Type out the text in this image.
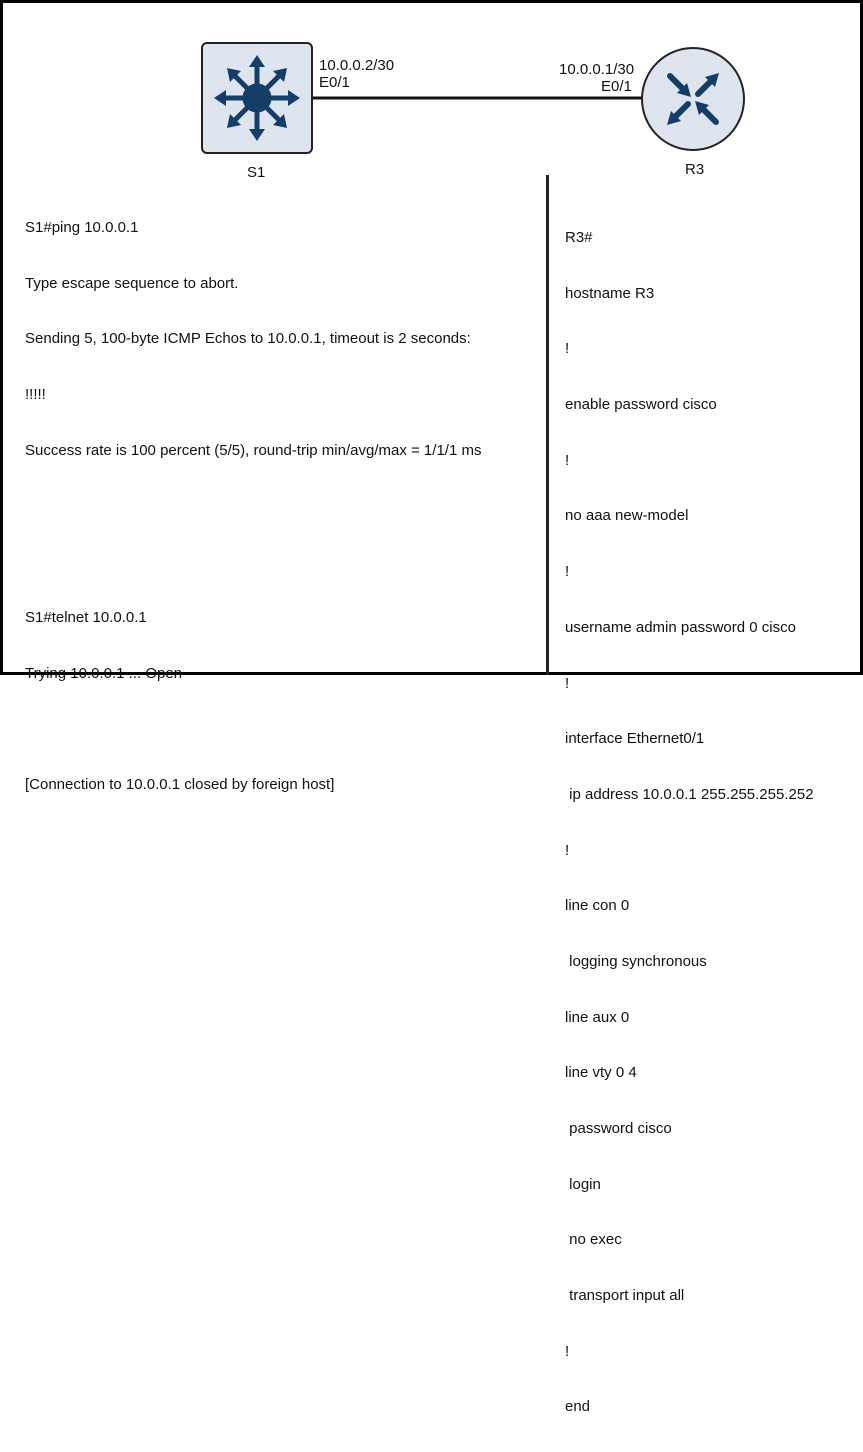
10.0.0.2/30
E0/1
S1
10.0.0.1/30
E0/1
R3

S1#ping 10.0.0.1

Type escape sequence to abort.

Sending 5, 100-byte ICMP Echos to 10.0.0.1, timeout is 2 seconds:

!!!!!

Success rate is 100 percent (5/5), round-trip min/avg/max = 1/1/1 ms

S1#telnet 10.0.0.1

Trying 10.0.0.1 ... Open

[Connection to 10.0.0.1 closed by foreign host]

R3#

hostname R3

!

enable password cisco

!

no aaa new-model

!

username admin password 0 cisco

!

interface Ethernet0/1

ip address 10.0.0.1 255.255.255.252

!

line con 0

logging synchronous

line aux 0

line vty 0 4

password cisco

login

no exec

transport input all

!

end
